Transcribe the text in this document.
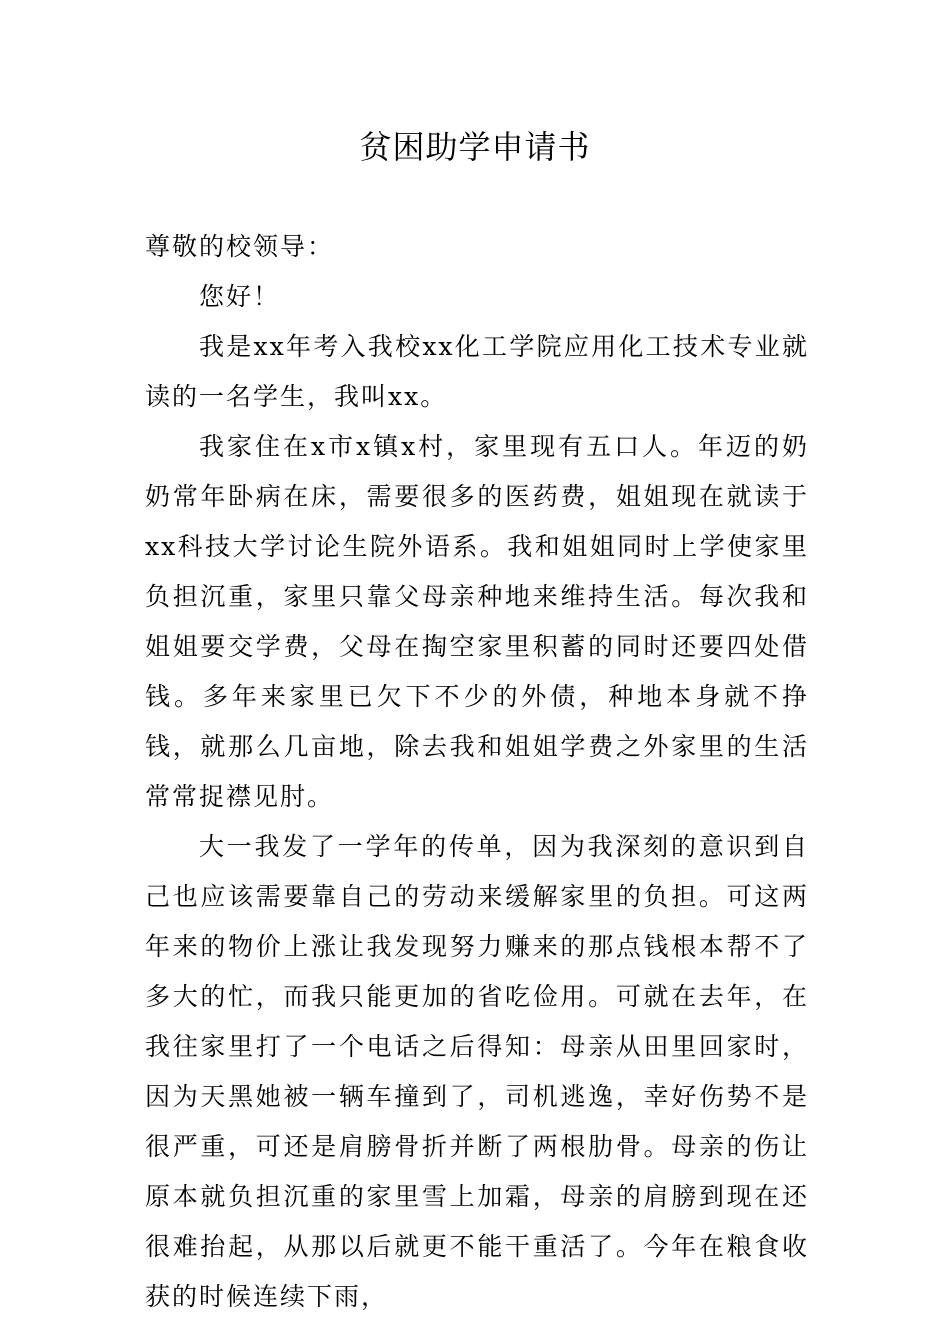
贫困助学申请书

尊敬的校领导：

您好！

我是xx年考入我校xx化工学院应用化工技术专业就读的一名学生，我叫xx。

我家住在x市x镇x村，家里现有五口人。年迈的奶奶常年卧病在床，需要很多的医药费，姐姐现在就读于xx科技大学讨论生院外语系。我和姐姐同时上学使家里负担沉重，家里只靠父母亲种地来维持生活。每次我和姐姐要交学费，父母在掏空家里积蓄的同时还要四处借钱。多年来家里已欠下不少的外债，种地本身就不挣钱，就那么几亩地，除去我和姐姐学费之外家里的生活常常捉襟见肘。

大一我发了一学年的传单，因为我深刻的意识到自己也应该需要靠自己的劳动来缓解家里的负担。可这两年来的物价上涨让我发现努力赚来的那点钱根本帮不了多大的忙，而我只能更加的省吃俭用。可就在去年，在我往家里打了一个电话之后得知：母亲从田里回家时，因为天黑她被一辆车撞到了，司机逃逸，幸好伤势不是很严重，可还是肩膀骨折并断了两根肋骨。母亲的伤让原本就负担沉重的家里雪上加霜，母亲的肩膀到现在还很难抬起，从那以后就更不能干重活了。今年在粮食收获的时候连续下雨，
